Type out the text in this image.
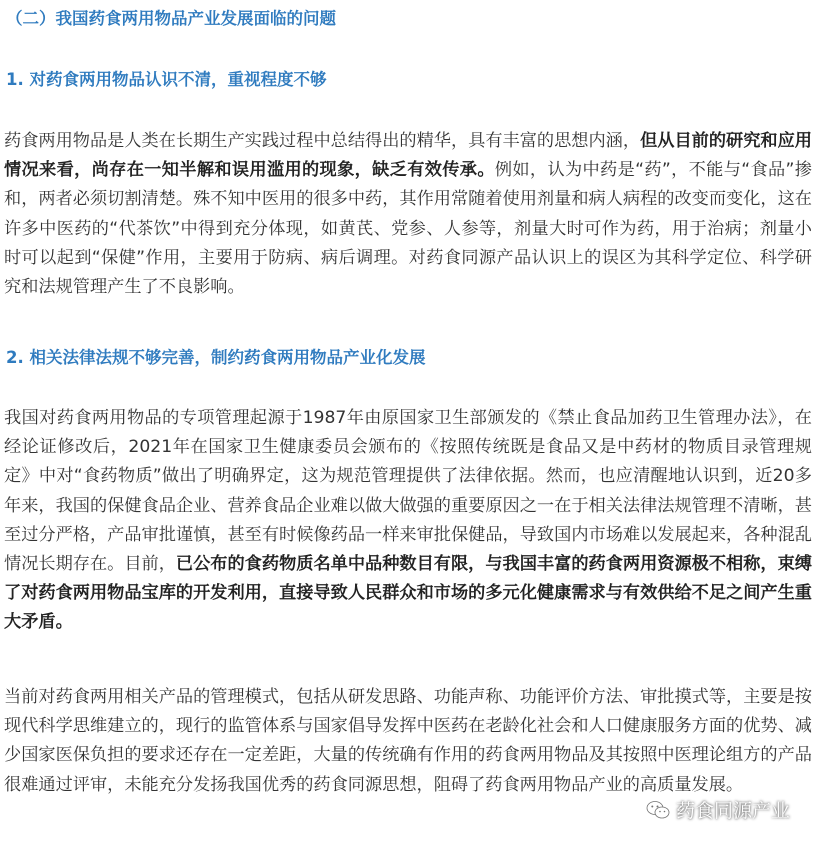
（二）我国药食两用物品产业发展面临的问题
1. 对药食两用物品认识不清，重视程度不够

药食两用物品是人类在长期生产实践过程中总结得出的精华，具有丰富的思想内涵，但从目前的研究和应用情况来看，尚存在一知半解和误用滥用的现象，缺乏有效传承。例如，认为中药是“药”，不能与“食品”掺和，两者必须切割清楚。殊不知中医用的很多中药，其作用常随着使用剂量和病人病程的改变而变化，这在许多中医药的“代茶饮”中得到充分体现，如黄芪、党参、人参等，剂量大时可作为药，用于治病；剂量小时可以起到“保健”作用，主要用于防病、病后调理。对药食同源产品认识上的误区为其科学定位、科学研究和法规管理产生了不良影响。

2. 相关法律法规不够完善，制约药食两用物品产业化发展

我国对药食两用物品的专项管理起源于1987年由原国家卫生部颁发的《禁止食品加药卫生管理办法》，在经论证修改后，2021年在国家卫生健康委员会颁布的《按照传统既是食品又是中药材的物质目录管理规定》中对“食药物质”做出了明确界定，这为规范管理提供了法律依据。然而，也应清醒地认识到，近20多年来，我国的保健食品企业、营养食品企业难以做大做强的重要原因之一在于相关法律法规管理不清晰，甚至过分严格，产品审批谨慎，甚至有时候像药品一样来审批保健品，导致国内市场难以发展起来，各种混乱情况长期存在。目前，已公布的食药物质名单中品种数目有限，与我国丰富的药食两用资源极不相称，束缚了对药食两用物品宝库的开发利用，直接导致人民群众和市场的多元化健康需求与有效供给不足之间产生重大矛盾。

当前对药食两用相关产品的管理模式，包括从研发思路、功能声称、功能评价方法、审批摸式等，主要是按现代科学思维建立的，现行的监管体系与国家倡导发挥中医药在老龄化社会和人口健康服务方面的优势、减少国家医保负担的要求还存在一定差距，大量的传统确有作用的药食两用物品及其按照中医理论组方的产品很难通过评审，未能充分发扬我国优秀的药食同源思想，阻碍了药食两用物品产业的高质量发展。

药食同源产业
